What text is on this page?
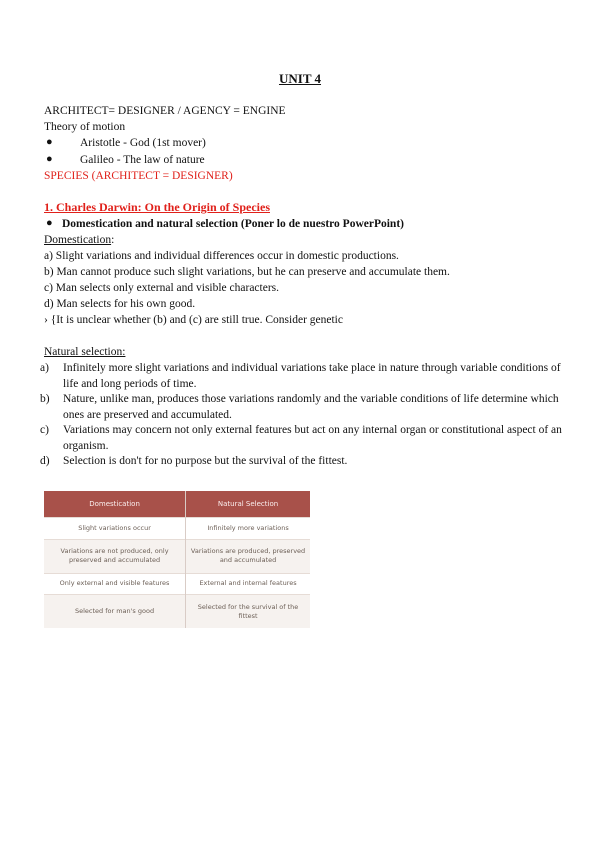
UNIT 4
ARCHITECT= DESIGNER / AGENCY = ENGINE
Theory of motion
● Aristotle - God (1st mover)
● Galileo - The law of nature
SPECIES (ARCHITECT = DESIGNER)
1. Charles Darwin: On the Origin of Species
● Domestication and natural selection (Poner lo de nuestro PowerPoint)
Domestication:
a) Slight variations and individual differences occur in domestic productions.
b) Man cannot produce such slight variations, but he can preserve and accumulate them.
c) Man selects only external and visible characters.
d) Man selects for his own good.
› {It is unclear whether (b) and (c) are still true. Consider genetic
Natural selection:
a) Infinitely more slight variations and individual variations take place in nature through variable conditions of life and long periods of time.
b) Nature, unlike man, produces those variations randomly and the variable conditions of life determine which ones are preserved and accumulated.
c) Variations may concern not only external features but act on any internal organ or constitutional aspect of an organism.
d) Selection is don't for no purpose but the survival of the fittest.
Domestication	Natural Selection
Slight variations occur	Infinitely more variations
Variations are not produced, only preserved and accumulated	Variations are produced, preserved and accumulated
Only external and visible features	External and internal features
Selected for man's good	Selected for the survival of the fittest
